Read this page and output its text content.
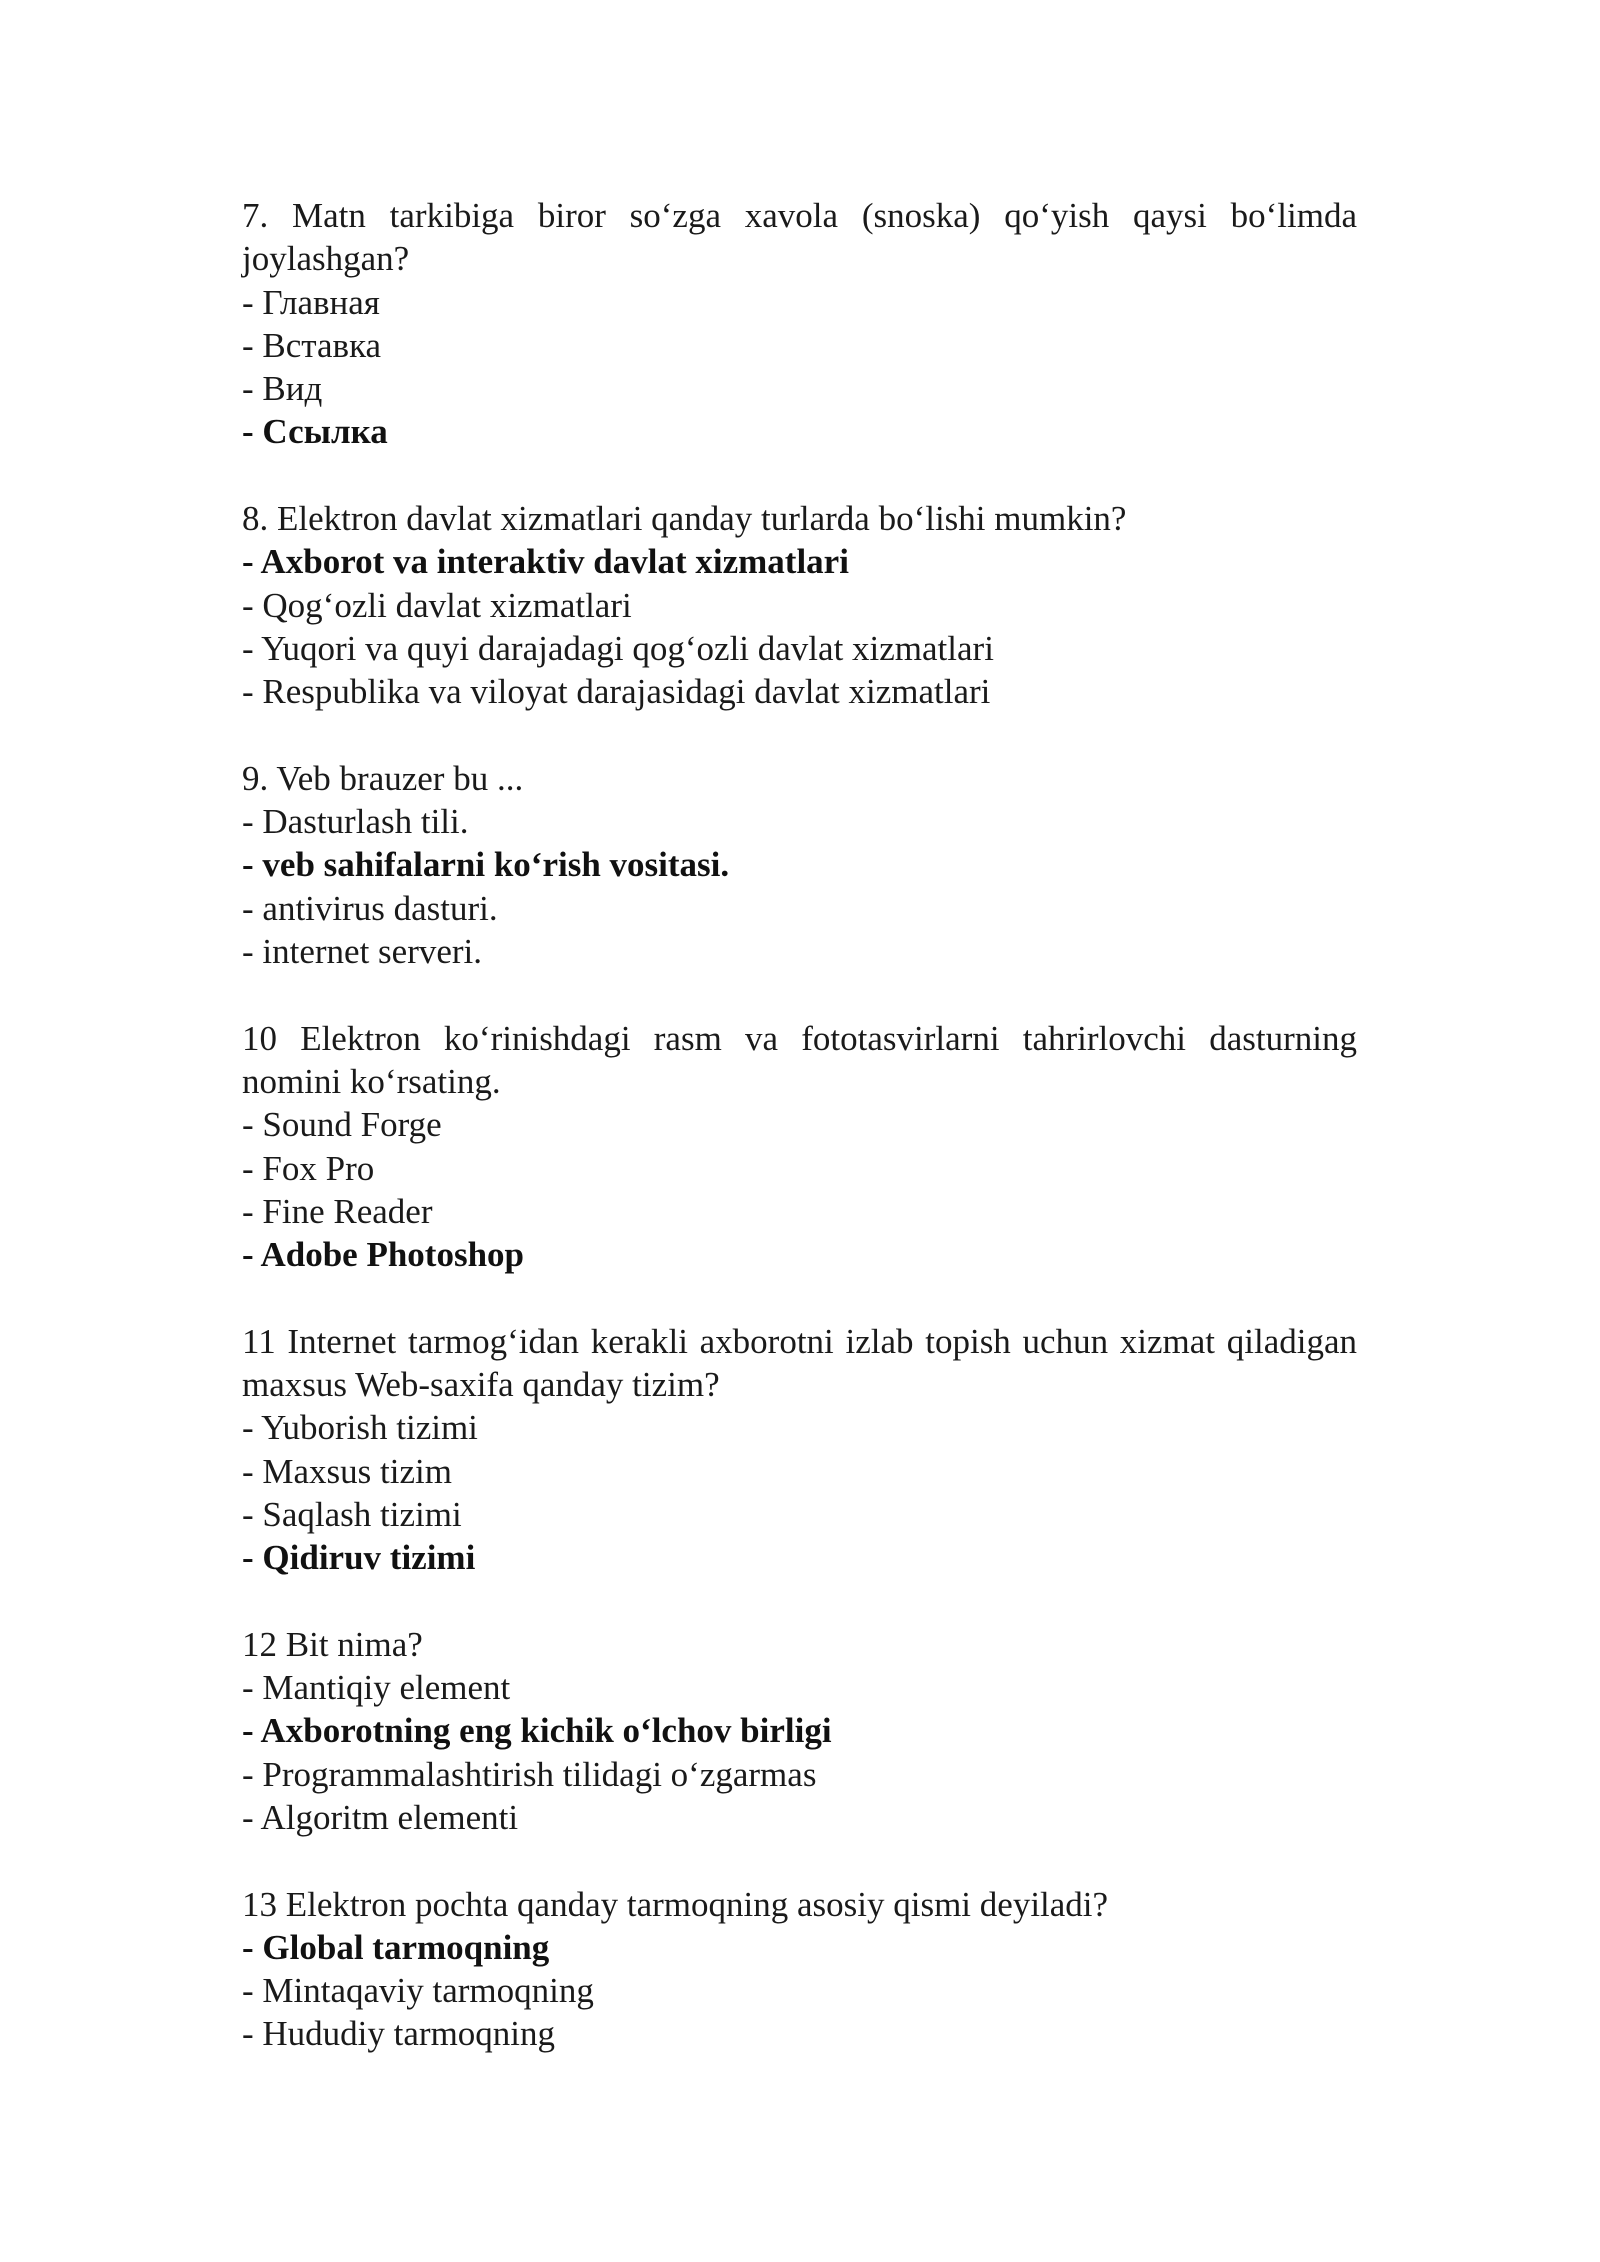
7. Matn tarkibiga biror so‘zga xavola (snoska) qo‘yish qaysi bo‘limda joylashgan?

- Главная
- Вставка
- Вид
- Ссылка

8. Elektron davlat xizmatlari qanday turlarda bo‘lishi mumkin?

- Axborot va interaktiv davlat xizmatlari
- Qog‘ozli davlat xizmatlari
- Yuqori va quyi darajadagi qog‘ozli davlat xizmatlari
- Respublika va viloyat darajasidagi davlat xizmatlari

9. Veb brauzer bu ...

- Dasturlash tili.
- veb sahifalarni ko‘rish vositasi.
- antivirus dasturi.
- internet serveri.

10 Elektron ko‘rinishdagi rasm va fototasvirlarni tahrirlovchi dasturning nomini ko‘rsating.

- Sound Forge
- Fox Pro
- Fine Reader
- Adobe Photoshop

11 Internet tarmog‘idan kerakli axborotni izlab topish uchun xizmat qiladigan maxsus Web-saxifa qanday tizim?

- Yuborish tizimi
- Maxsus tizim
- Saqlash tizimi
- Qidiruv tizimi

12 Bit nima?

- Mantiqiy element
- Axborotning eng kichik o‘lchov birligi
- Programmalashtirish tilidagi o‘zgarmas
- Algoritm elementi

13 Elektron pochta qanday tarmoqning asosiy qismi deyiladi?

- Global tarmoqning
- Mintaqaviy tarmoqning
- Hududiy tarmoqning
